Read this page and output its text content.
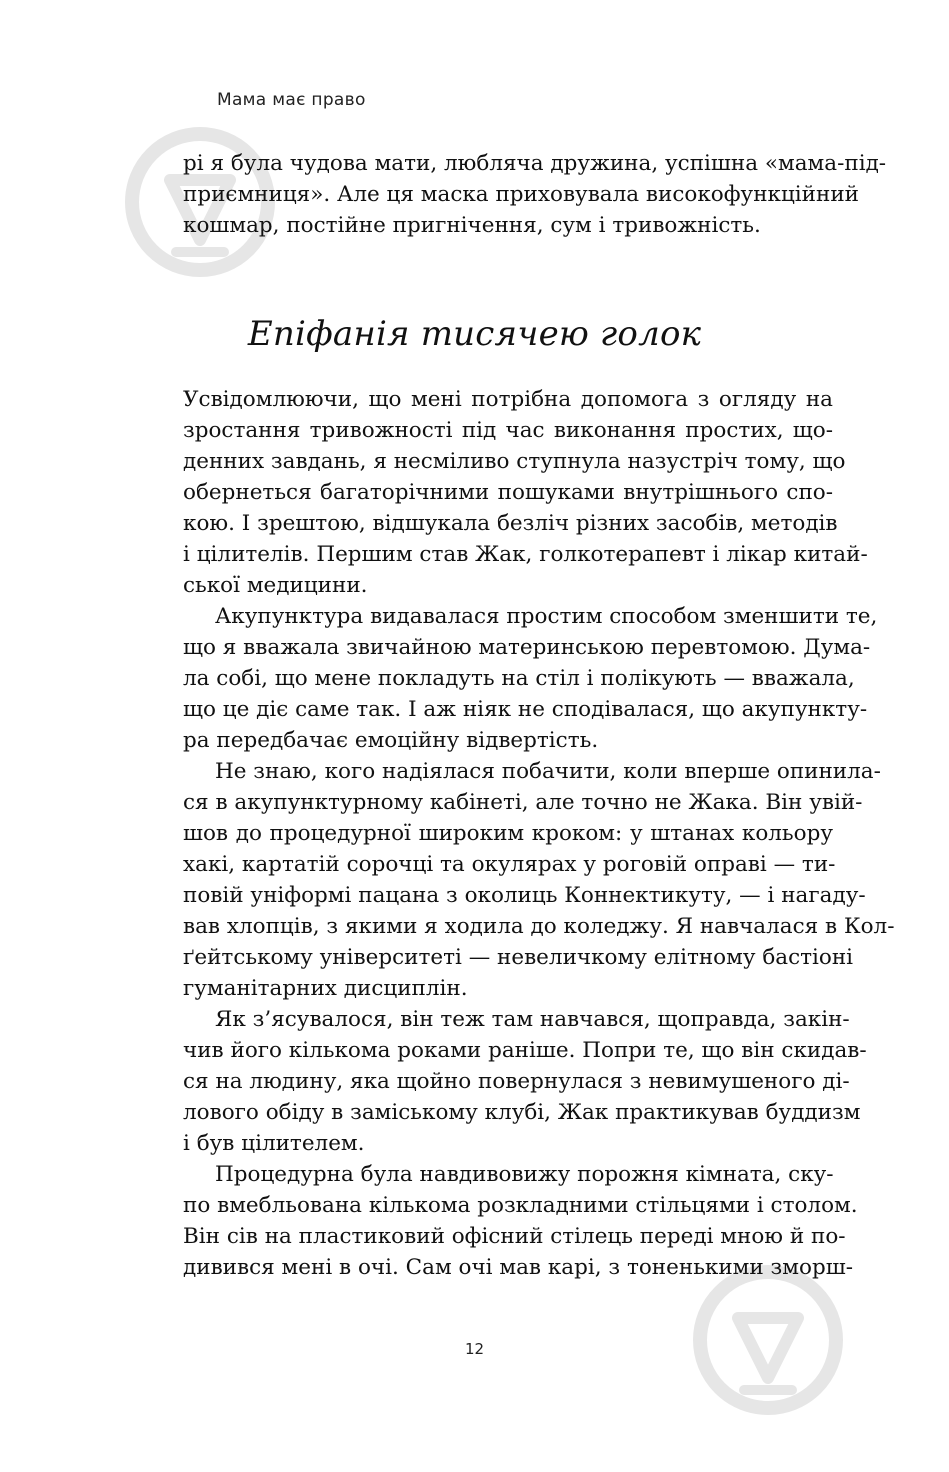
Мама має право
рі я була чудова мати, любляча дружина, успішна «мама-під-
приємниця». Але ця маска приховувала високофункційний
кошмар, постійне пригнічення, сум і тривожність.
Епіфанія тисячею голок
Усвідомлюючи, що мені потрібна допомога з огляду на
зростання тривожності під час виконання простих, що-
денних завдань, я несміливо ступнула назустріч тому, що
обернеться багаторічними пошуками внутрішнього спо-
кою. І зрештою, відшукала безліч різних засобів, методів
і цілителів. Першим став Жак, голкотерапевт і лікар китай-
ської медицини.
Акупунктура видавалася простим способом зменшити те,
що я вважала звичайною материнською перевтомою. Дума-
ла собі, що мене покладуть на стіл і полікують — вважала,
що це діє саме так. І аж ніяк не сподівалася, що акупункту-
ра передбачає емоційну відвертість.
Не знаю, кого надіялася побачити, коли вперше опинила-
ся в акупунктурному кабінеті, але точно не Жака. Він увій-
шов до процедурної широким кроком: у штанах кольору
хакі, картатій сорочці та окулярах у роговій оправі — ти-
повій уніформі пацана з околиць Коннектикуту, — і нагаду-
вав хлопців, з якими я ходила до коледжу. Я навчалася в Кол-
ґейтському університеті — невеличкому елітному бастіоні
гуманітарних дисциплін.
Як з’ясувалося, він теж там навчався, щоправда, закін-
чив його кількома роками раніше. Попри те, що він скидав-
ся на людину, яка щойно повернулася з невимушеного ді-
лового обіду в заміському клубі, Жак практикував буддизм
і був цілителем.
Процедурна була навдивовижу порожня кімната, ску-
по вмебльована кількома розкладними стільцями і столом.
Він сів на пластиковий офісний стілець переді мною й по-
дивився мені в очі. Сам очі мав карі, з тоненькими зморш-
12
